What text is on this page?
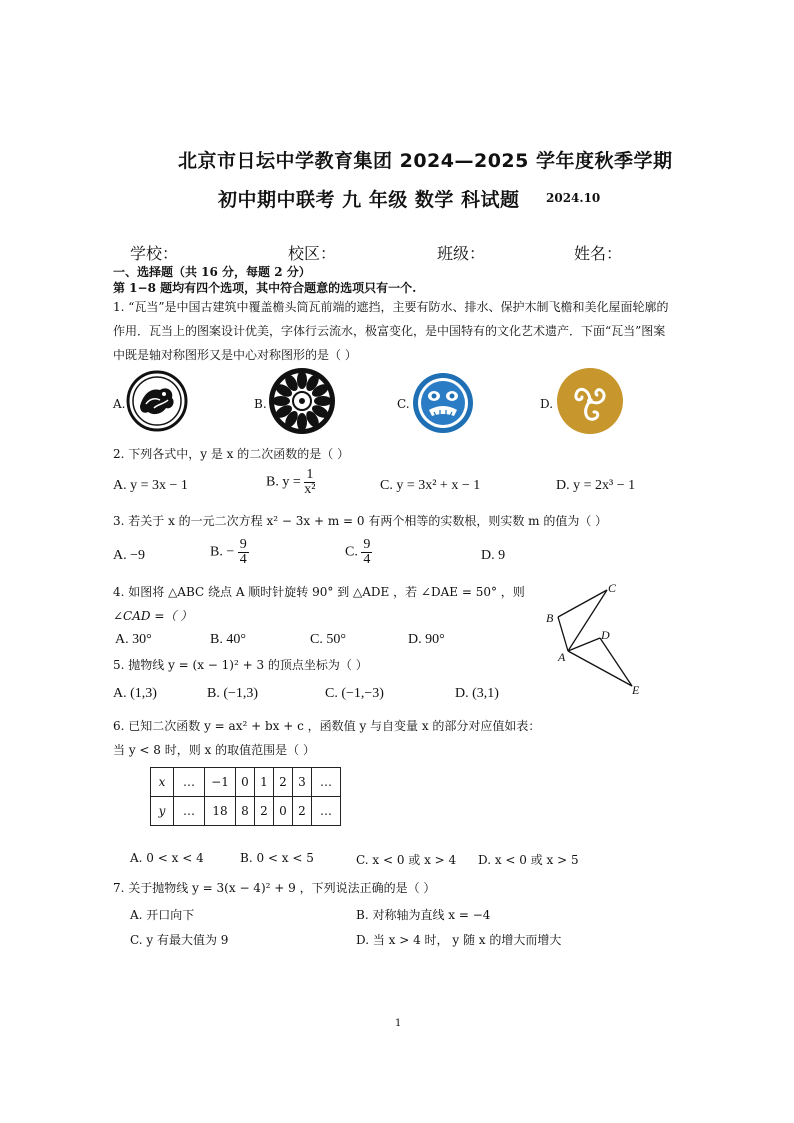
北京市日坛中学教育集团 2024—2025 学年度秋季学期
初中期中联考 九 年级 数学 科试题 2024.10
学校：	校区：	班级：	姓名：
一、选择题（共 16 分，每题 2 分）
第 1−8 题均有四个选项，其中符合题意的选项只有一个.
1. “瓦当”是中国古建筑中覆盖檐头筒瓦前端的遮挡，主要有防水、排水、保护木制飞檐和美化屋面轮廓的
作用．瓦当上的图案设计优美，字体行云流水，极富变化，是中国特有的文化艺术遗产．下面“瓦当”图案
中既是轴对称图形又是中心对称图形的是（ ）
A.	B.	C.	D.
2. 下列各式中，y 是 x 的二次函数的是（ ）
A. y = 3x − 1	B. $y = \frac{1}{\text{x²}}$	C. y = 3x² + x − 1	D. y = 2x³ − 1
3. 若关于 x 的一元二次方程 x² − 3x + m = 0 有两个相等的实数根，则实数 m 的值为（ ）
A. −9	B. − $\frac{9}{4}$	C. $\frac{9}{4}$	D. 9
4. 如图将 △ABC 绕点 A 顺时针旋转 90° 到 △ADE ，若 ∠DAE = 50° ，则
∠CAD =（ ）
A. 30°	B. 40°	C. 50°	D. 90°
C
B
D
A
E
5. 抛物线 y = (x − 1)² + 3 的顶点坐标为（ ）
A. (1,3)	B. (−1,3)	C. (−1,−3)	D. (3,1)
6. 已知二次函数 y = ax² + bx + c ，函数值 y 与自变量 x 的部分对应值如表：
当 y < 8 时，则 x 的取值范围是（ ）
x	…	−1	0	1	2	3	…
y	…	18	8	2	0	2	…
A. 0 < x < 4	B. 0 < x < 5	C. x < 0 或 x > 4 D. x < 0 或 x > 5
7. 关于抛物线 y = 3(x − 4)² + 9 ，下列说法正确的是（ ）
A. 开口向下	B. 对称轴为直线 x = −4
C. y 有最大值为 9	D. 当 x > 4 时， y 随 x 的增大而增大
1
